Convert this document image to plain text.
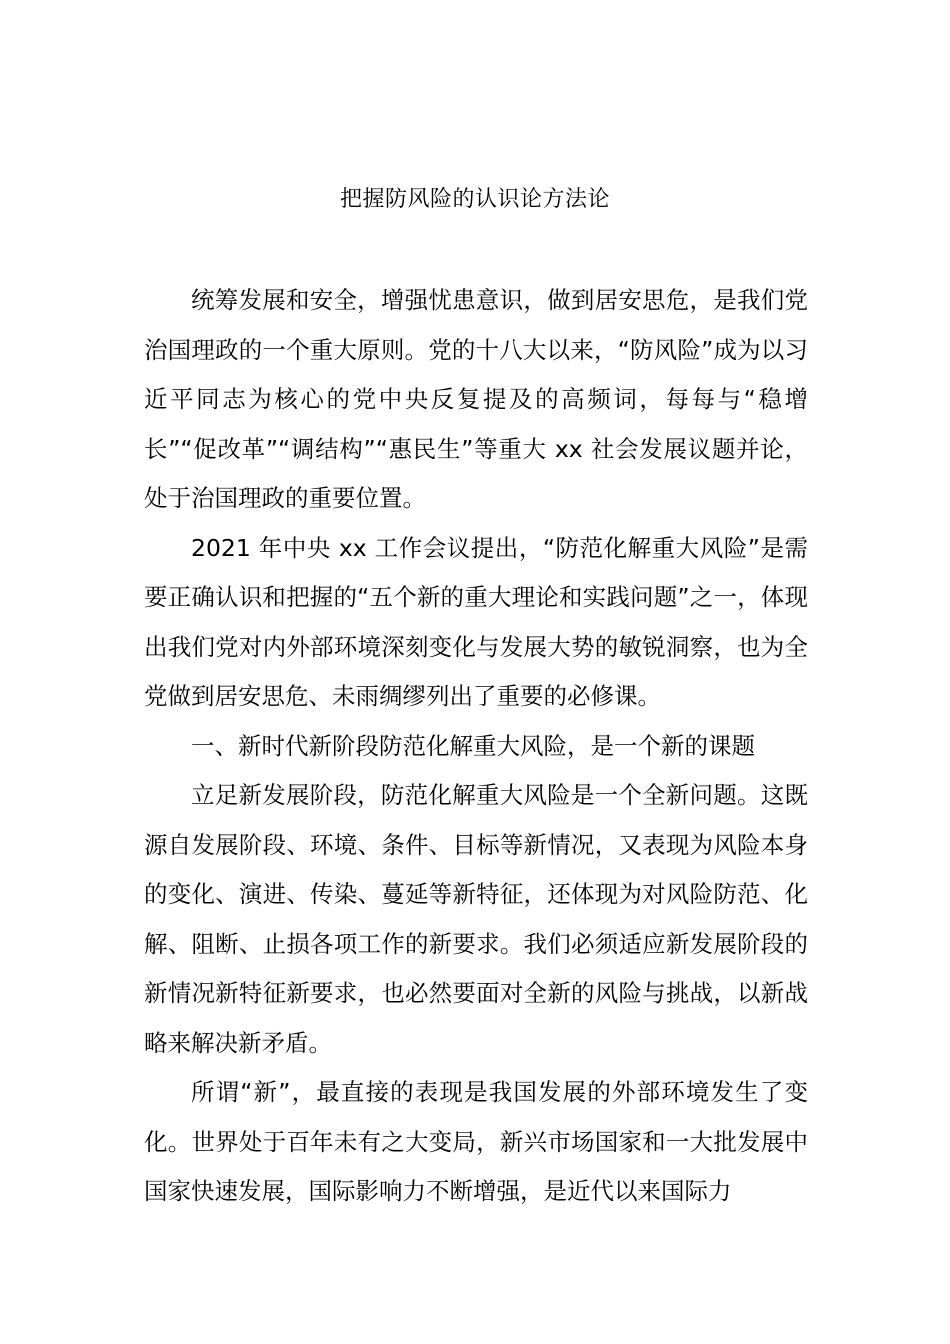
把握防风险的认识论方法论

统筹发展和安全，增强忧患意识，做到居安思危，是我们党治国理政的一个重大原则。党的十八大以来，“防风险”成为以习近平同志为核心的党中央反复提及的高频词，每每与“稳增长”“促改革”“调结构”“惠民生”等重大 xx 社会发展议题并论，处于治国理政的重要位置。

2021 年中央 xx 工作会议提出，“防范化解重大风险”是需要正确认识和把握的“五个新的重大理论和实践问题”之一，体现出我们党对内外部环境深刻变化与发展大势的敏锐洞察，也为全党做到居安思危、未雨绸缪列出了重要的必修课。

一、新时代新阶段防范化解重大风险，是一个新的课题

立足新发展阶段，防范化解重大风险是一个全新问题。这既源自发展阶段、环境、条件、目标等新情况，又表现为风险本身的变化、演进、传染、蔓延等新特征，还体现为对风险防范、化解、阻断、止损各项工作的新要求。我们必须适应新发展阶段的新情况新特征新要求，也必然要面对全新的风险与挑战，以新战略来解决新矛盾。

所谓“新”，最直接的表现是我国发展的外部环境发生了变化。世界处于百年未有之大变局，新兴市场国家和一大批发展中国家快速发展，国际影响力不断增强，是近代以来国际力
